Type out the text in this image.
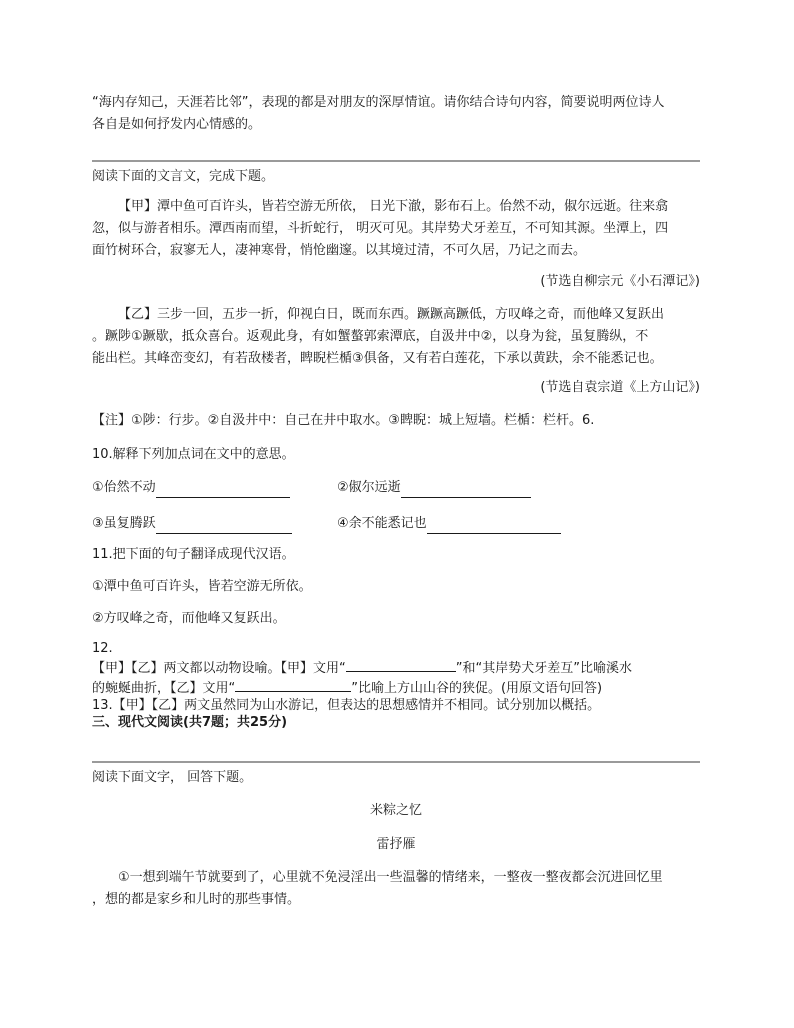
“海内存知己，天涯若比邻”，表现的都是对朋友的深厚情谊。请你结合诗句内容，简要说明两位诗人

各自是如何抒发内心情感的。

阅读下面的文言文，完成下题。

【甲】潭中鱼可百许头，皆若空游无所依， 日光下澈，影布石上。佁然不动，俶尔远逝。往来翕

忽，似与游者相乐。潭西南而望，斗折蛇行， 明灭可见。其岸势犬牙差互，不可知其源。坐潭上，四

面竹树环合，寂寥无人，凄神寒骨，悄怆幽邃。以其境过清，不可久居，乃记之而去。

(节选自柳宗元《小石潭记》)

【乙】三步一回，五步一折，仰视白日，既而东西。蹶蹶高蹶低，方叹峰之奇，而他峰又复跃出

。蹶陟①蹶歇，抵众喜台。返观此身，有如蟹螯郭索潭底，自汲井中②，以身为瓮，虽复腾纵，不

能出栏。其峰峦变幻，有若敌楼者，睥睨栏楯③俱备，又有若白莲花，下承以黄趺，余不能悉记也。

(节选自袁宗道《上方山记》)

【注】①陟：行步。②自汲井中：自己在井中取水。③睥睨：城上短墙。栏楯：栏杆。6.

10.解释下列加点词在文中的意思。

①佁然不动	②俶尔远逝
③虽复腾跃	④余不能悉记也

11.把下面的句子翻译成现代汉语。

①潭中鱼可百许头，皆若空游无所依。

②方叹峰之奇，而他峰又复跃出。

12.

【甲】【乙】两文都以动物设喻。【甲】文用“	”和“其岸势犬牙差互”比喻溪水

的蜿蜒曲折，【乙】文用“	”比喻上方山山谷的狭促。(用原文语句回答)

13.【甲】【乙】两文虽然同为山水游记，但表达的思想感情并不相同。试分别加以概括。

三、现代文阅读(共7题；共25分)

阅读下面文字， 回答下题。

米粽之忆

雷抒雁

①一想到端午节就要到了，心里就不免浸淫出一些温馨的情绪来，一整夜一整夜都会沉进回忆里

，想的都是家乡和儿时的那些事情。
